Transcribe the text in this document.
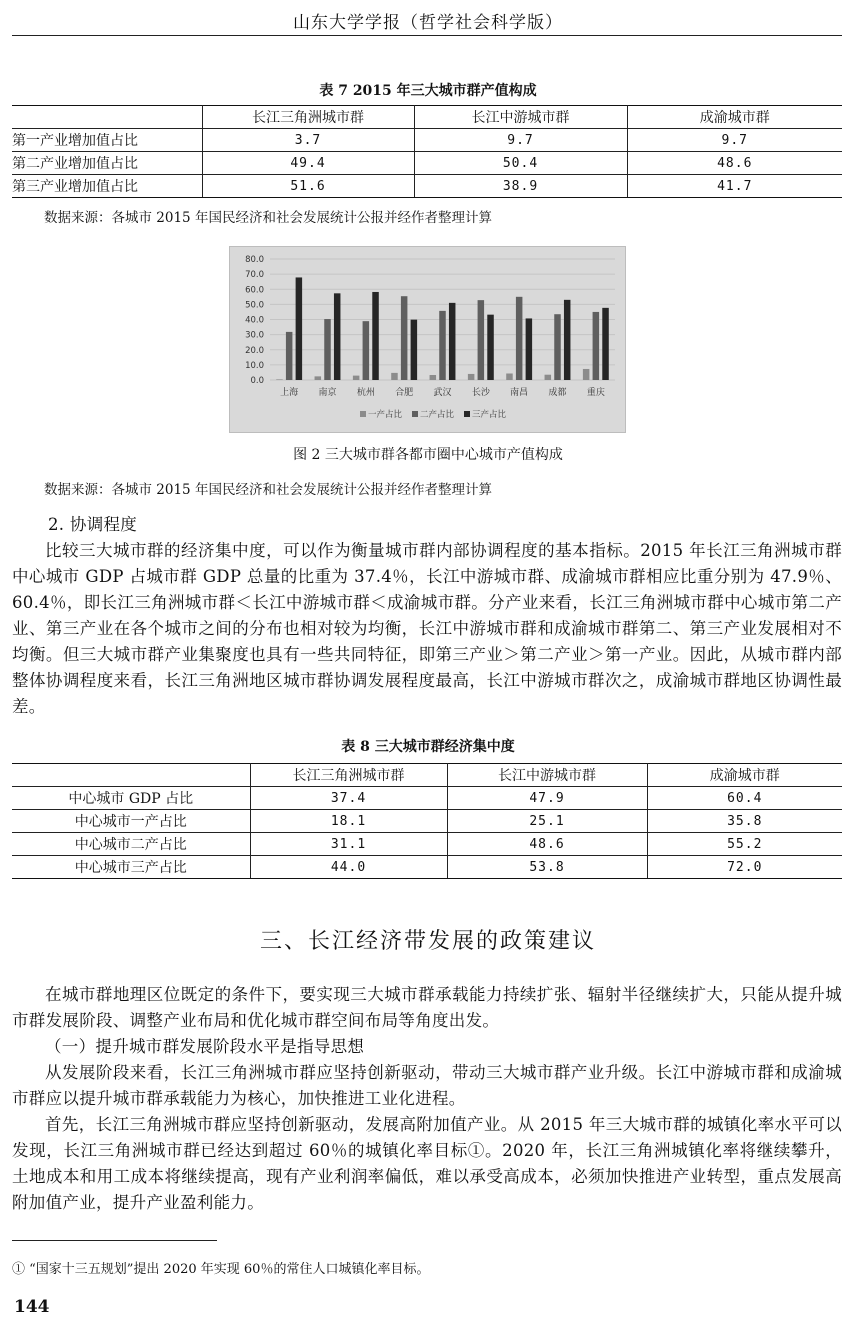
山东大学学报（哲学社会科学版）
表 7 2015 年三大城市群产值构成
	长江三角洲城市群	长江中游城市群	成渝城市群
第一产业增加值占比	3.7	9.7	9.7
第二产业增加值占比	49.4	50.4	48.6
第三产业增加值占比	51.6	38.9	41.7
数据来源：各城市 2015 年国民经济和社会发展统计公报并经作者整理计算
0.0
10.0
20.0
30.0
40.0
50.0
60.0
70.0
80.0
上海 南京 杭州 合肥 武汉 长沙 南昌 成都 重庆
一产占比 二产占比 三产占比
图 2 三大城市群各都市圈中心城市产值构成
数据来源：各城市 2015 年国民经济和社会发展统计公报并经作者整理计算

2. 协调程度

比较三大城市群的经济集中度，可以作为衡量城市群内部协调程度的基本指标。2015 年长江三角洲城市群中心城市 GDP 占城市群 GDP 总量的比重为 37.4％，长江中游城市群、成渝城市群相应比重分别为 47.9％、60.4％，即长江三角洲城市群＜长江中游城市群＜成渝城市群。分产业来看，长江三角洲城市群中心城市第二产业、第三产业在各个城市之间的分布也相对较为均衡，长江中游城市群和成渝城市群第二、第三产业发展相对不均衡。但三大城市群产业集聚度也具有一些共同特征，即第三产业＞第二产业＞第一产业。因此，从城市群内部整体协调程度来看，长江三角洲地区城市群协调发展程度最高，长江中游城市群次之，成渝城市群地区协调性最差。

表 8 三大城市群经济集中度
	长江三角洲城市群	长江中游城市群	成渝城市群
中心城市 GDP 占比	37.4	47.9	60.4
中心城市一产占比	18.1	25.1	35.8
中心城市二产占比	31.1	48.6	55.2
中心城市三产占比	44.0	53.8	72.0
三、长江经济带发展的政策建议

在城市群地理区位既定的条件下，要实现三大城市群承载能力持续扩张、辐射半径继续扩大，只能从提升城市群发展阶段、调整产业布局和优化城市群空间布局等角度出发。

（一）提升城市群发展阶段水平是指导思想

从发展阶段来看，长江三角洲城市群应坚持创新驱动，带动三大城市群产业升级。长江中游城市群和成渝城市群应以提升城市群承载能力为核心，加快推进工业化进程。

首先，长江三角洲城市群应坚持创新驱动，发展高附加值产业。从 2015 年三大城市群的城镇化率水平可以发现，长江三角洲城市群已经达到超过 60％的城镇化率目标①。2020 年，长江三角洲城镇化率将继续攀升，土地成本和用工成本将继续提高，现有产业利润率偏低，难以承受高成本，必须加快推进产业转型，重点发展高附加值产业，提升产业盈利能力。

① “国家十三五规划”提出 2020 年实现 60％的常住人口城镇化率目标。
144
